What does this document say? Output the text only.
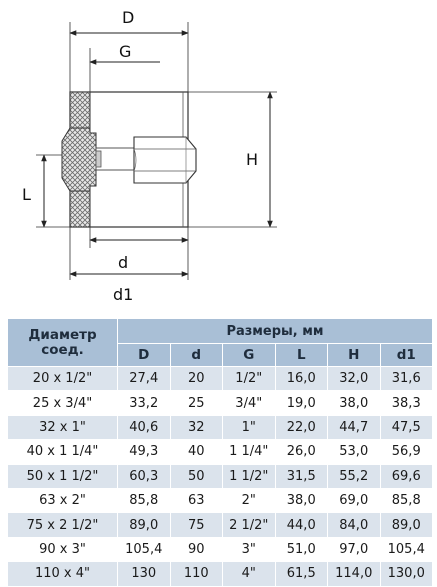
D
G
H
L
d
d1
Диаметр соед.	Размеры, мм					
	D	d	G	L	H	d1
20 x 1/2"	27,4	20	1/2"	16,0	32,0	31,6
25 x 3/4"	33,2	25	3/4"	19,0	38,0	38,3
32 x 1"	40,6	32	1"	22,0	44,7	47,5
40 x 1 1/4"	49,3	40	1 1/4"	26,0	53,0	56,9
50 x 1 1/2"	60,3	50	1 1/2"	31,5	55,2	69,6
63 x 2"	85,8	63	2"	38,0	69,0	85,8
75 x 2 1/2"	89,0	75	2 1/2"	44,0	84,0	89,0
90 x 3"	105,4	90	3"	51,0	97,0	105,4
110 x 4"	130	110	4"	61,5	114,0	130,0
